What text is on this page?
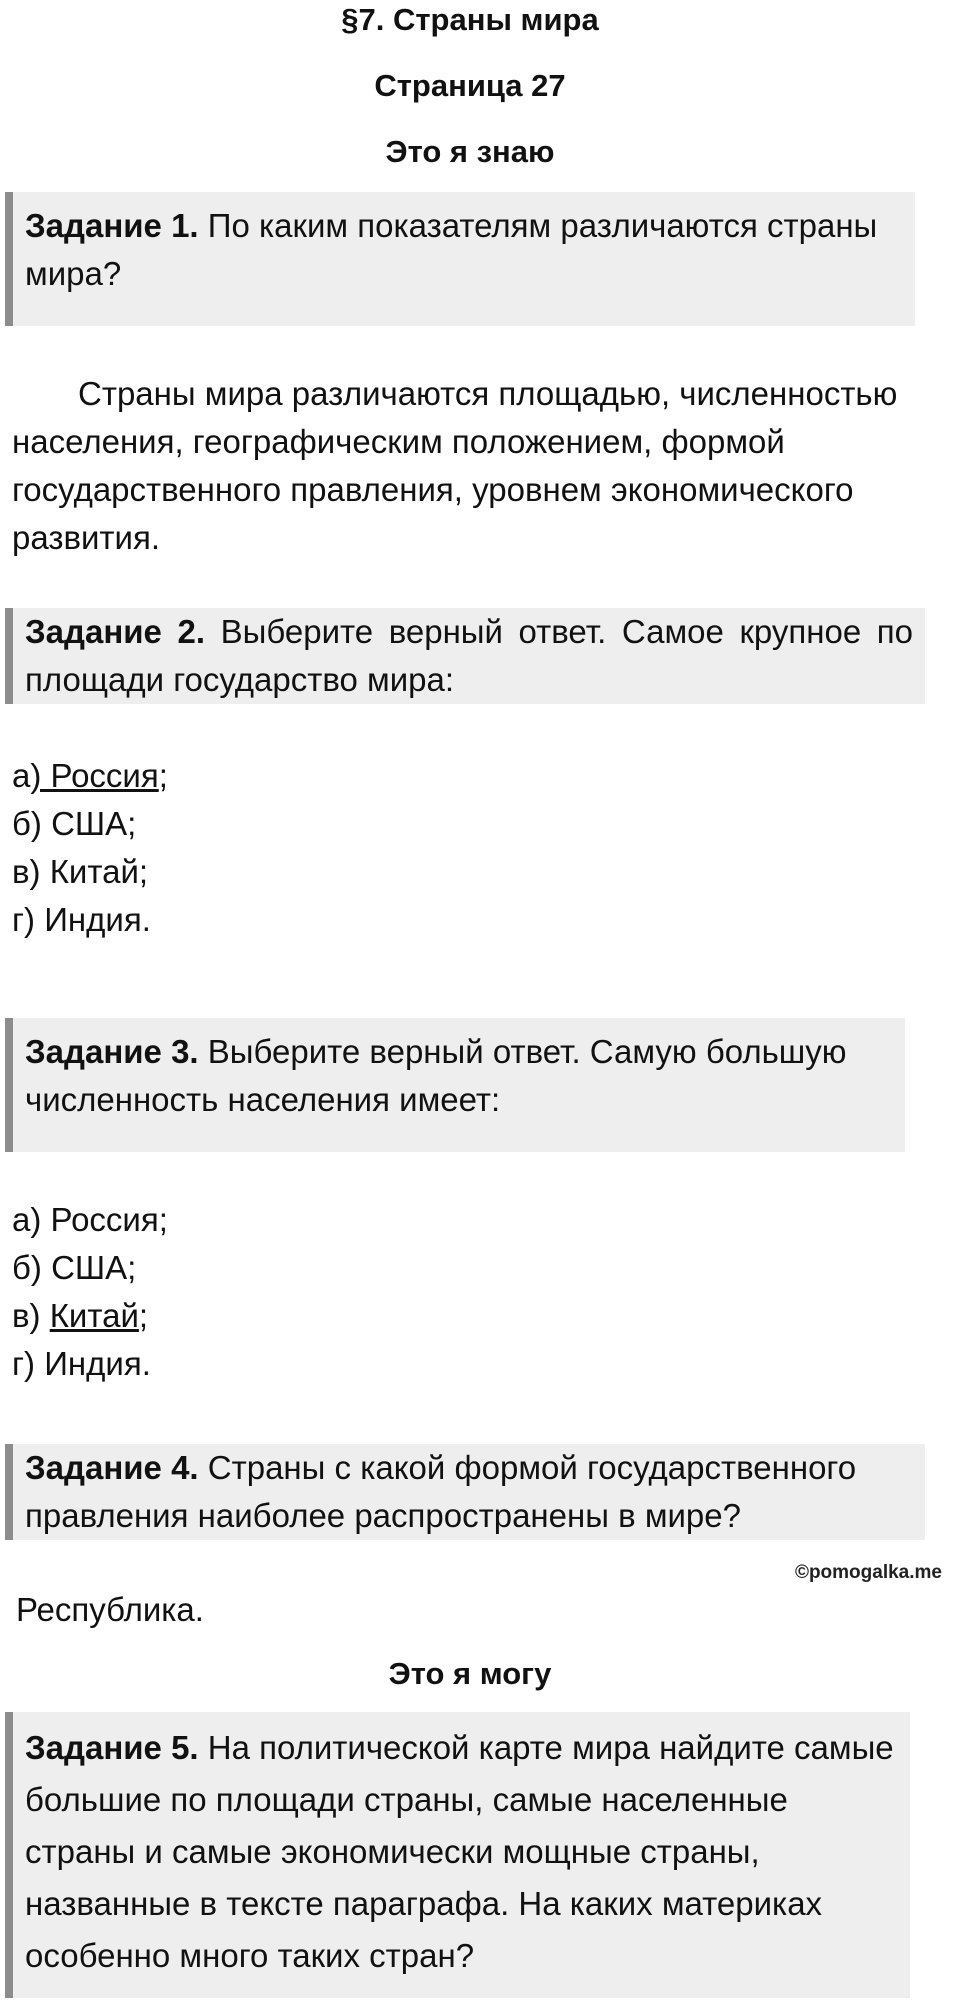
§7. Страны мира
Страница 27
Это я знаю
Задание 1. По каким показателям различаются страны мира?

Страны мира различаются площадью, численностью населения, географическим положением, формой государственного правления, уровнем экономического развития.

Задание 2. Выберите верный ответ. Самое крупное по площади государство мира:
а) Россия;
б) США;
в) Китай;
г) Индия.
Задание 3. Выберите верный ответ. Самую большую численность населения имеет:
а) Россия;
б) США;
в) Китай;
г) Индия.
Задание 4. Страны с какой формой государственного правления наиболее распространены в мире?
©pomogalka.me

Республика.

Это я могу
Задание 5. На политической карте мира найдите самые большие по площади страны, самые населенные страны и самые экономически мощные страны, названные в тексте параграфа. На каких материках особенно много таких стран?
